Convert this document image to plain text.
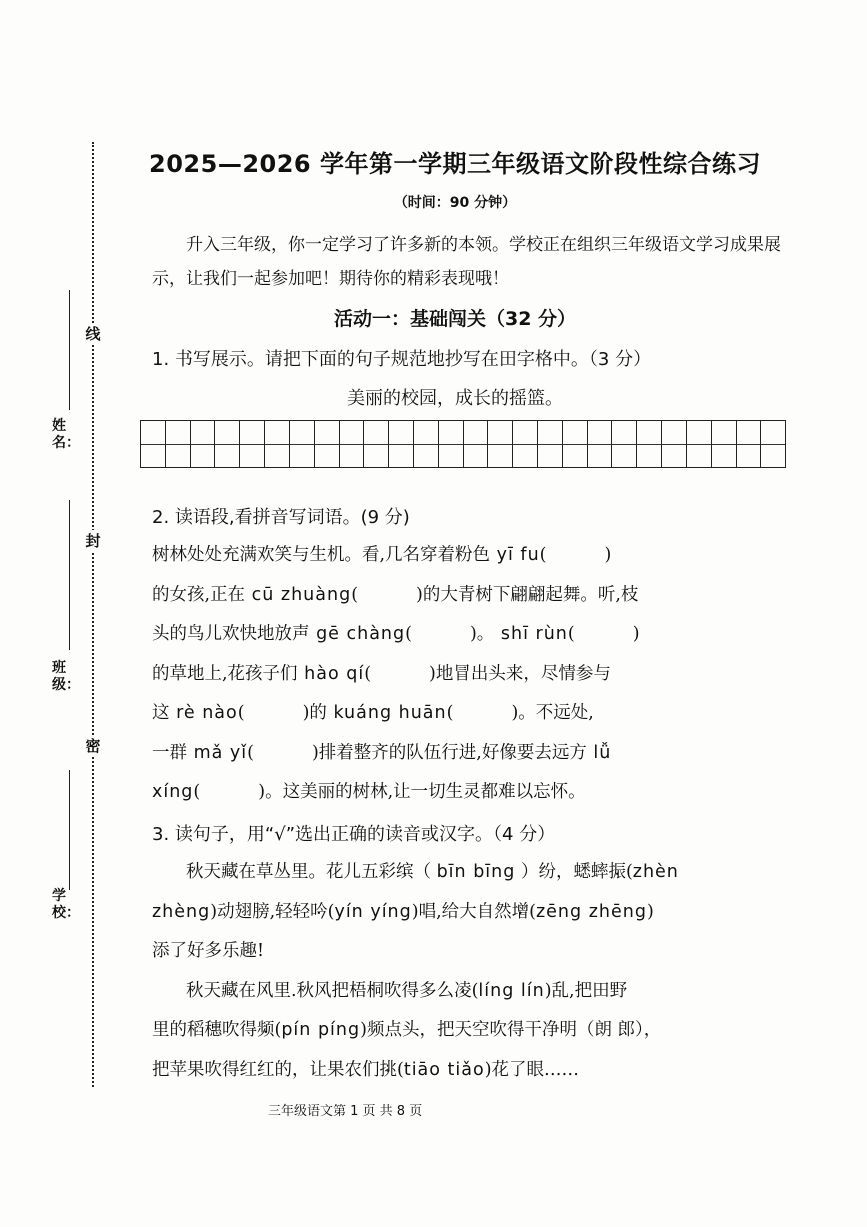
线
封
密
姓名：
班级：
学校：
2025—2026 学年第一学期三年级语文阶段性综合练习
（时间：90 分钟）
升入三年级，你一定学习了许多新的本领。学校正在组织三年级语文学习成果展示，让我们一起参加吧！期待你的精彩表现哦！
活动一：基础闯关（32 分）
1. 书写展示。请把下面的句子规范地抄写在田字格中。（3 分）
美丽的校园，成长的摇篮。
2. 读语段,看拼音写词语。(9 分)
树林处处充满欢笑与生机。看,几名穿着粉色 yī fu(	)
的女孩,正在 cū zhuàng(	)的大青树下翩翩起舞。听,枝
头的鸟儿欢快地放声 gē chàng(	)。 shī rùn(	)
的草地上,花孩子们 hào qí(	)地冒出头来，尽情参与
这 rè nào(	)的 kuáng huān(	)。不远处,
一群 mǎ yǐ(	)排着整齐的队伍行进,好像要去远方 lǚ
xíng(	)。这美丽的树林,让一切生灵都难以忘怀。
3. 读句子，用“√”选出正确的读音或汉字。（4 分）
秋天藏在草丛里。花儿五彩缤 •（ bīn bīng ）纷，蟋蟀振 •(zhèn
zhèng)动翅膀,轻轻吟 •(yín yíng)唱,给大自然增 •(zēng zhēng)
添了好多乐趣!
秋天藏在风里.秋风把梧桐吹得多么凌 •(líng lín)乱,把田野
里的稻穗吹得频 •(pín píng)频点头，把天空吹得干净明（朗 郎），
把苹果吹得红红的，让果农们挑 •(tiāo tiǎo)花了眼……
三年级语文第 1 页 共 8 页
